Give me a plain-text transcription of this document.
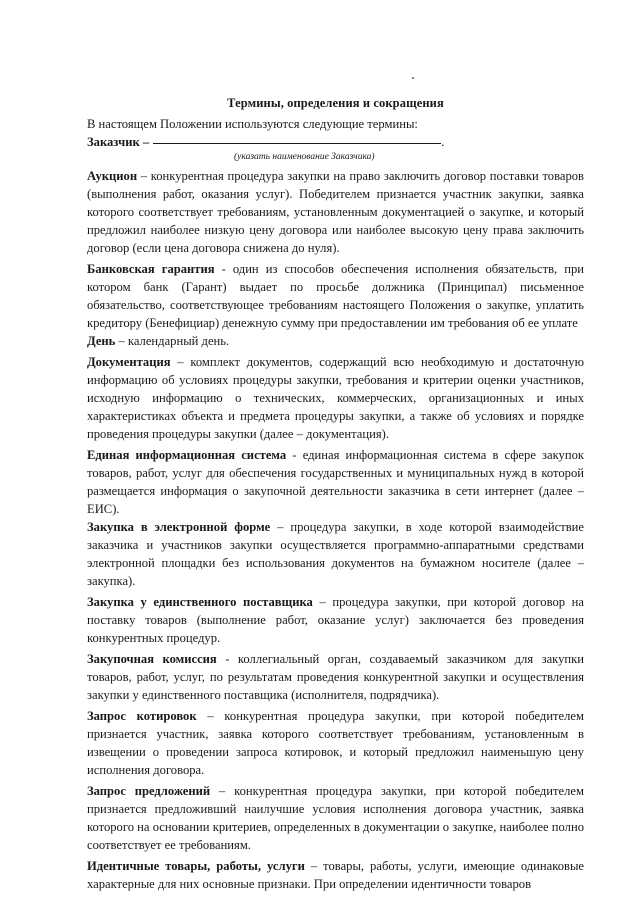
Термины, определения и сокращения

В настоящем Положении используются следующие термины:

Заказчик –	.
(указать наименование Заказчика)

Аукцион – конкурентная процедура закупки на право заключить договор поставки товаров (выполнения работ, оказания услуг). Победителем признается участник закупки, заявка которого соответствует требованиям, установленным документацией о закупке, и который предложил наиболее низкую цену договора или наиболее высокую цену права заключить договор (если цена договора снижена до нуля).

Банковская гарантия - один из способов обеспечения исполнения обязательств, при котором банк (Гарант) выдает по просьбе должника (Принципал) письменное обязательство, соответствующее требованиям настоящего Положения о закупке, уплатить кредитору (Бенефициар) денежную сумму при предоставлении им требования об ее уплате

День – календарный день.

Документация – комплект документов, содержащий всю необходимую и достаточную информацию об условиях процедуры закупки, требования и критерии оценки участников, исходную информацию о технических, коммерческих, организационных и иных характеристиках объекта и предмета процедуры закупки, а также об условиях и порядке проведения процедуры закупки (далее – документация).

Единая информационная система - единая информационная система в сфере закупок товаров, работ, услуг для обеспечения государственных и муниципальных нужд в которой размещается информация о закупочной деятельности заказчика в сети интернет (далее – ЕИС).

Закупка в электронной форме – процедура закупки, в ходе которой взаимодействие заказчика и участников закупки осуществляется программно-аппаратными средствами электронной площадки без использования документов на бумажном носителе (далее – закупка).

Закупка у единственного поставщика – процедура закупки, при которой договор на поставку товаров (выполнение работ, оказание услуг) заключается без проведения конкурентных процедур.

Закупочная комиссия - коллегиальный орган, создаваемый заказчиком для закупки товаров, работ, услуг, по результатам проведения конкурентной закупки и осуществления закупки у единственного поставщика (исполнителя, подрядчика).

Запрос котировок – конкурентная процедура закупки, при которой победителем признается участник, заявка которого соответствует требованиям, установленным в извещении о проведении запроса котировок, и который предложил наименьшую цену исполнения договора.

Запрос предложений – конкурентная процедура закупки, при которой победителем признается предложивший наилучшие условия исполнения договора участник, заявка которого на основании критериев, определенных в документации о закупке, наиболее полно соответствует ее требованиям.

Идентичные товары, работы, услуги – товары, работы, услуги, имеющие одинаковые характерные для них основные признаки. При определении идентичности товаров
